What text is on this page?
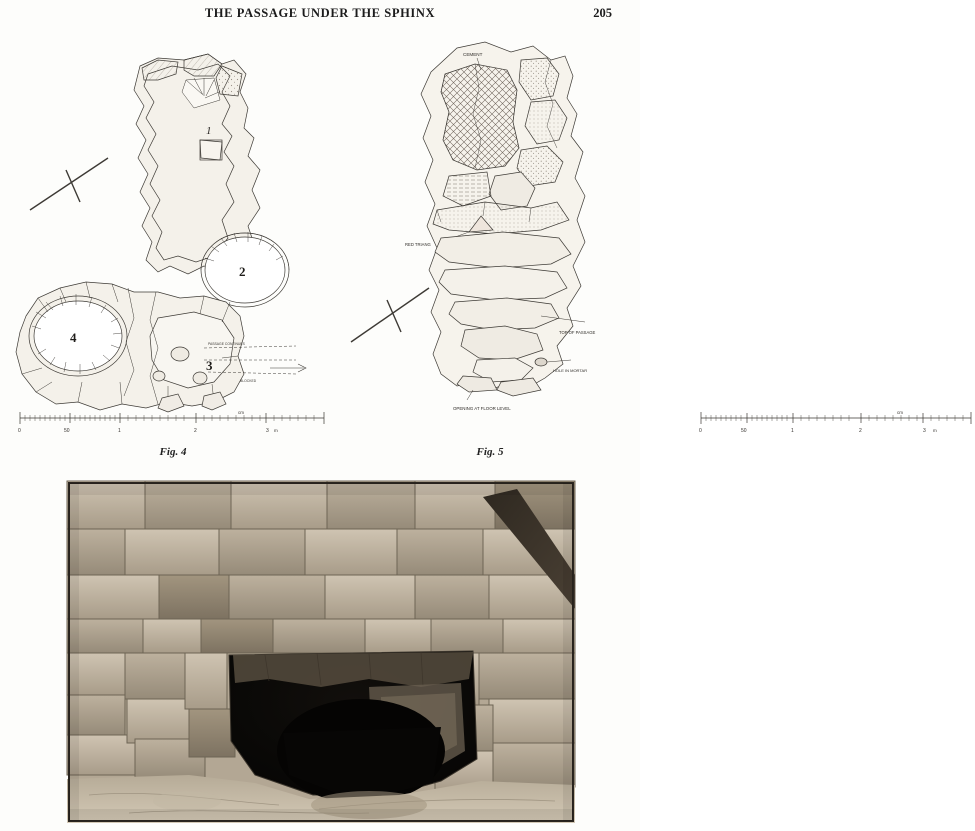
THE PASSAGE UNDER THE SPHINX	205
1
2
4
3
PASSAGE CONTINUES
BLOCKED
0	50	1	2	3
cm
m
Fig. 4
CEMENT
RED TRIANG
TOP OF PASSAGE
HOLE IN MORTAR
OPENING AT FLOOR LEVEL
0	50	1	2	3
cm
m
Fig. 5
